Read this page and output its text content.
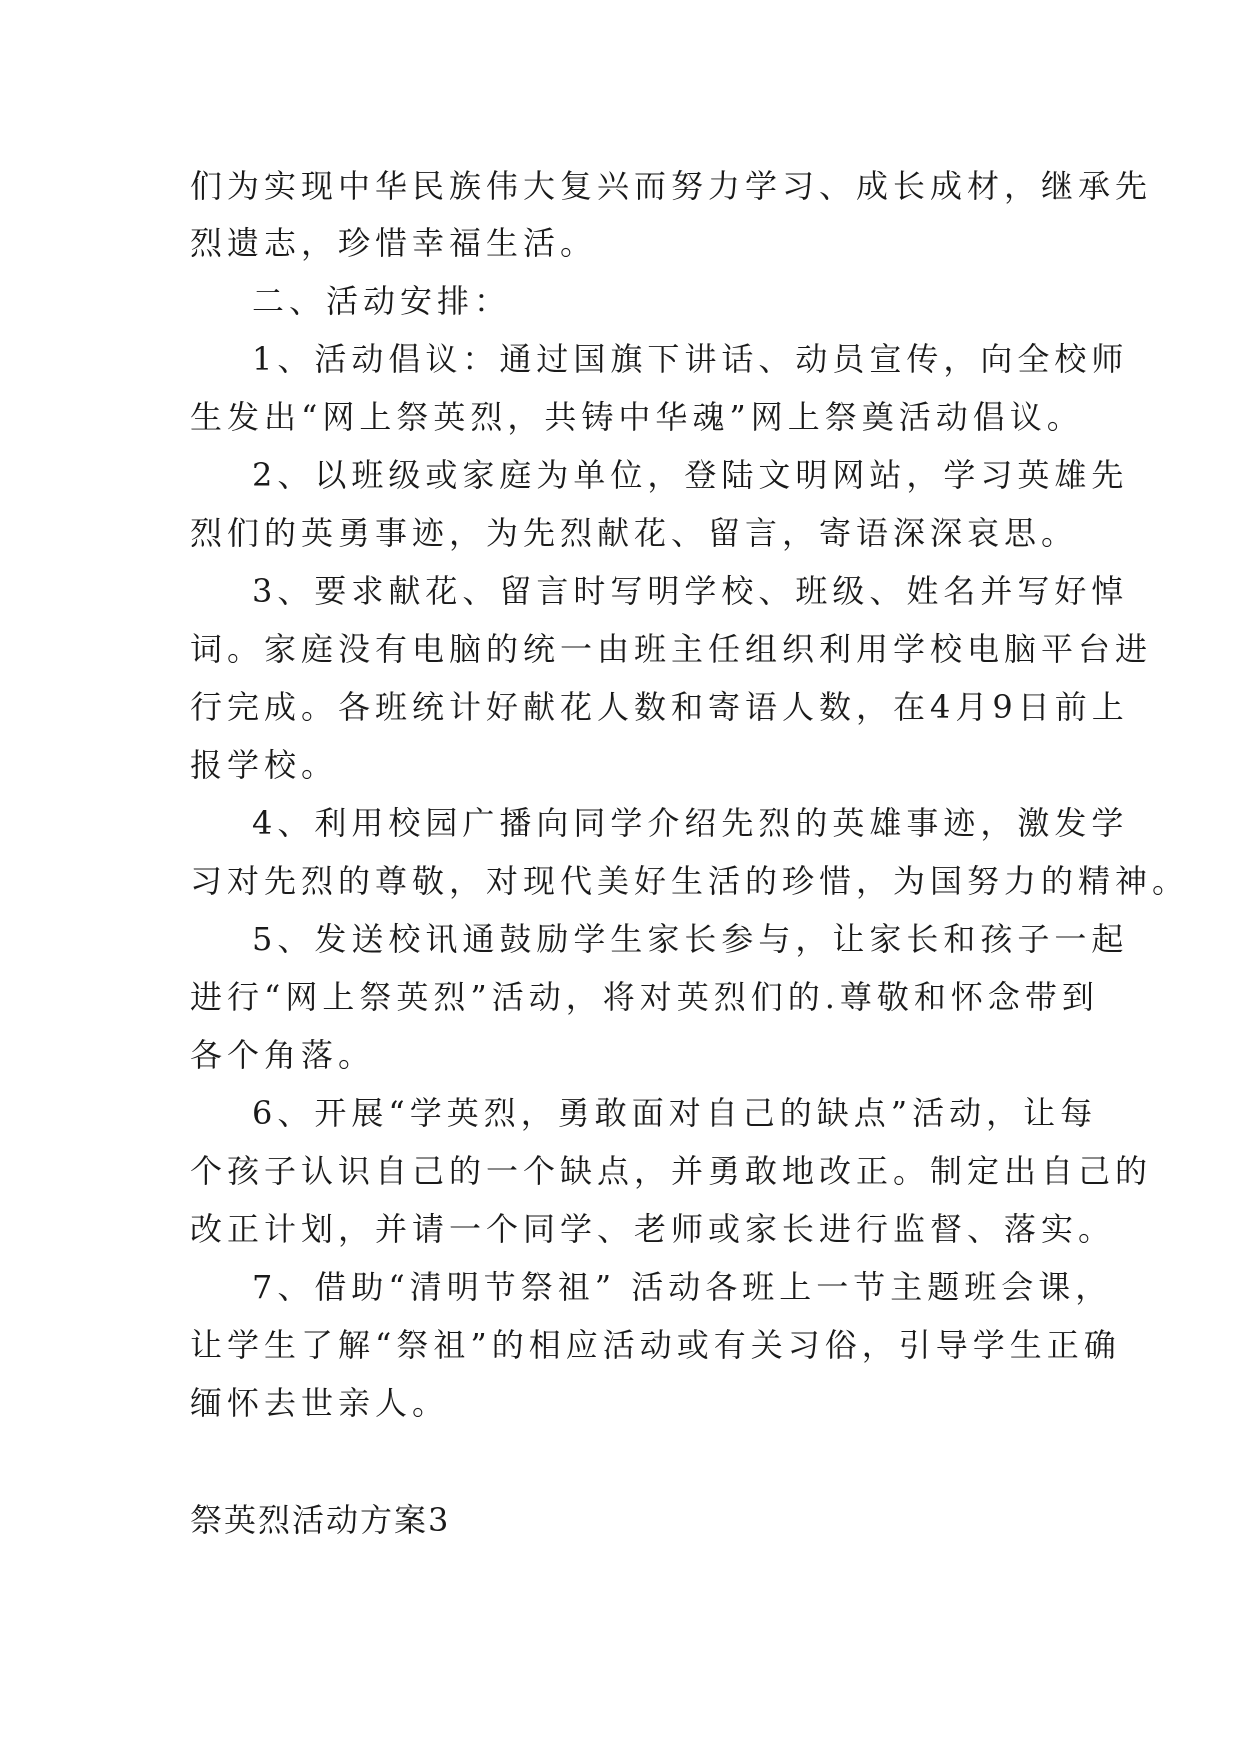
们为实现中华民族伟大复兴而努力学习、成长成材，继承先
烈遗志，珍惜幸福生活。
二、活动安排：
1、活动倡议：通过国旗下讲话、动员宣传，向全校师
生发出“网上祭英烈，共铸中华魂”网上祭奠活动倡议。
2、以班级或家庭为单位，登陆文明网站，学习英雄先
烈们的英勇事迹，为先烈献花、留言，寄语深深哀思。
3、要求献花、留言时写明学校、班级、姓名并写好悼
词。家庭没有电脑的统一由班主任组织利用学校电脑平台进
行完成。各班统计好献花人数和寄语人数，在4月9日前上
报学校。
4、利用校园广播向同学介绍先烈的英雄事迹，激发学
习对先烈的尊敬，对现代美好生活的珍惜，为国努力的精神。
5、发送校讯通鼓励学生家长参与，让家长和孩子一起
进行“网上祭英烈”活动，将对英烈们的.尊敬和怀念带到
各个角落。
6、开展“学英烈，勇敢面对自己的缺点”活动，让每
个孩子认识自己的一个缺点，并勇敢地改正。制定出自己的
改正计划，并请一个同学、老师或家长进行监督、落实。
7、借助“清明节祭祖” 活动各班上一节主题班会课，
让学生了解“祭祖”的相应活动或有关习俗，引导学生正确
缅怀去世亲人。
祭英烈活动方案3
